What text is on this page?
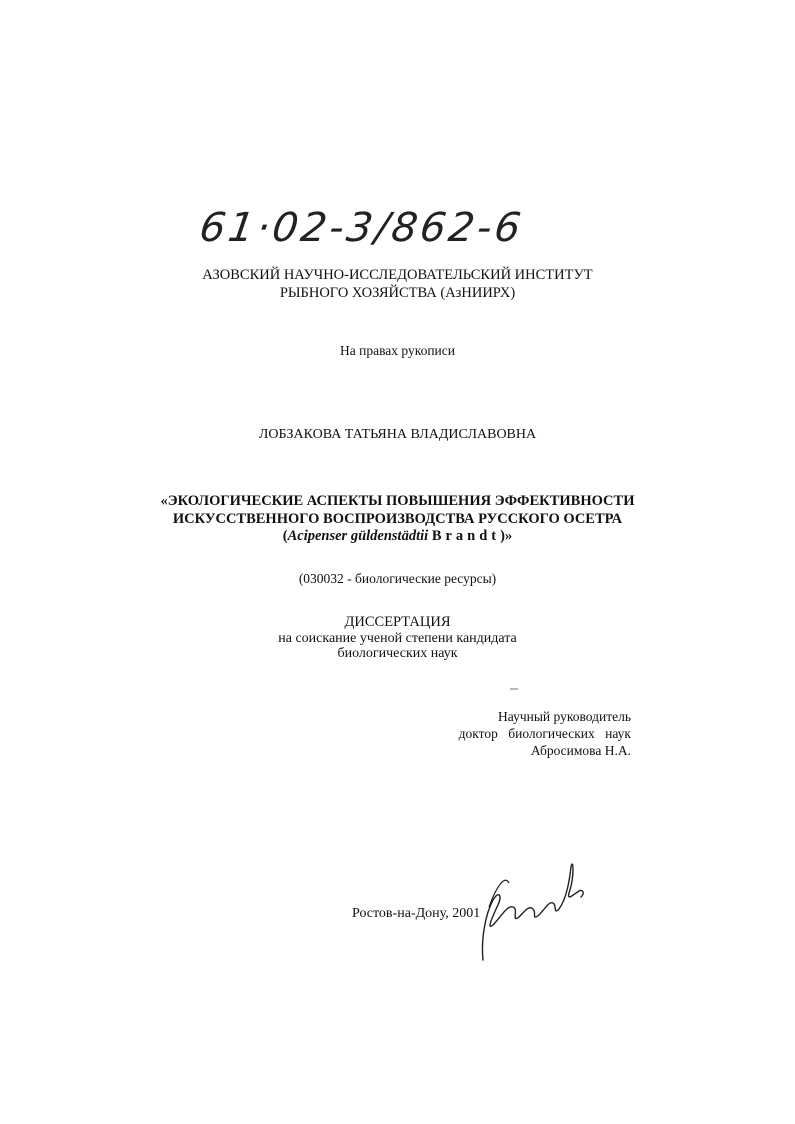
61·02-3/862-6
АЗОВСКИЙ НАУЧНО-ИССЛЕДОВАТЕЛЬСКИЙ ИНСТИТУТ
РЫБНОГО ХОЗЯЙСТВА (АзНИИРХ)
На правах рукописи
ЛОБЗАКОВА ТАТЬЯНА ВЛАДИСЛАВОВНА
«ЭКОЛОГИЧЕСКИЕ АСПЕКТЫ ПОВЫШЕНИЯ ЭФФЕКТИВНОСТИ
ИСКУССТВЕННОГО ВОСПРОИЗВОДСТВА РУССКОГО ОСЕТРА
(Acipenser güldenstädtii Brandt)»
(030032 - биологические ресурсы)
ДИССЕРТАЦИЯ
на соискание ученой степени кандидата
биологических наук
Научный руководитель
доктор биологических наук
Абросимова Н.А.
Ростов-на-Дону, 2001
